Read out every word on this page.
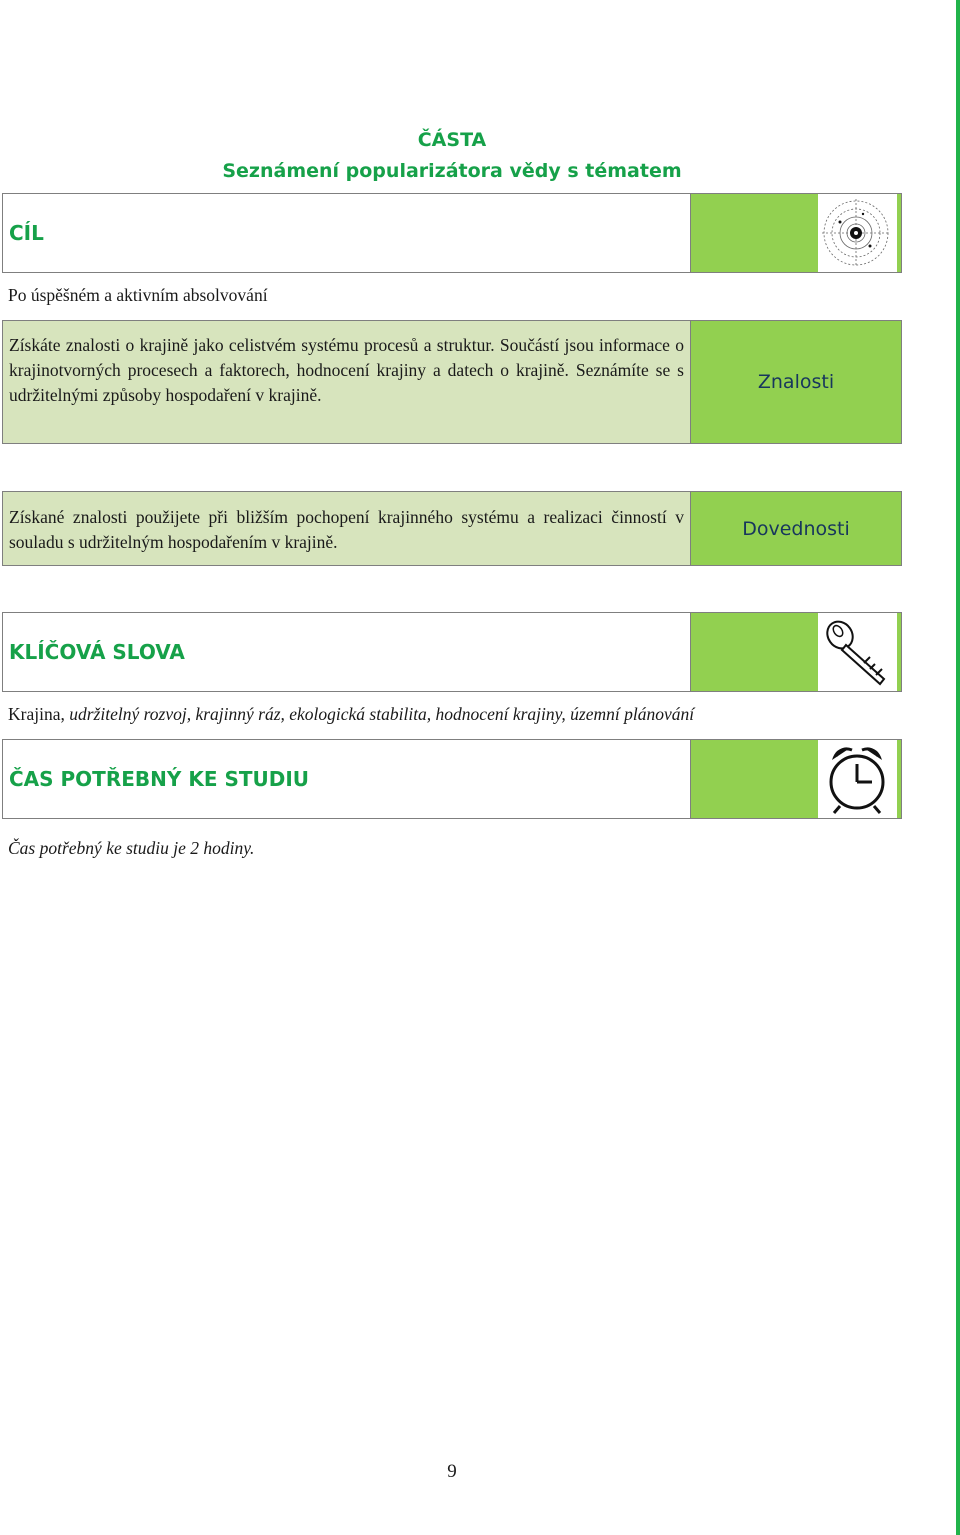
ČÁSTA
Seznámení popularizátora vědy s tématem
CÍL
Po úspěšném a aktivním absolvování
Získáte znalosti o krajině jako celistvém systému procesů a struktur. Součástí jsou informace o krajinotvorných procesech a faktorech, hodnocení krajiny a datech o krajině. Seznámíte se s udržitelnými způsoby hospodaření v krajině.
Znalosti
Získané znalosti použijete při bližším pochopení krajinného systému a realizaci činností v souladu s udržitelným hospodařením v krajině.
Dovednosti
KLÍČOVÁ SLOVA
Krajina, udržitelný rozvoj, krajinný ráz, ekologická stabilita, hodnocení krajiny, územní plánování
ČAS POTŘEBNÝ KE STUDIU
Čas potřebný ke studiu je 2 hodiny.
9
